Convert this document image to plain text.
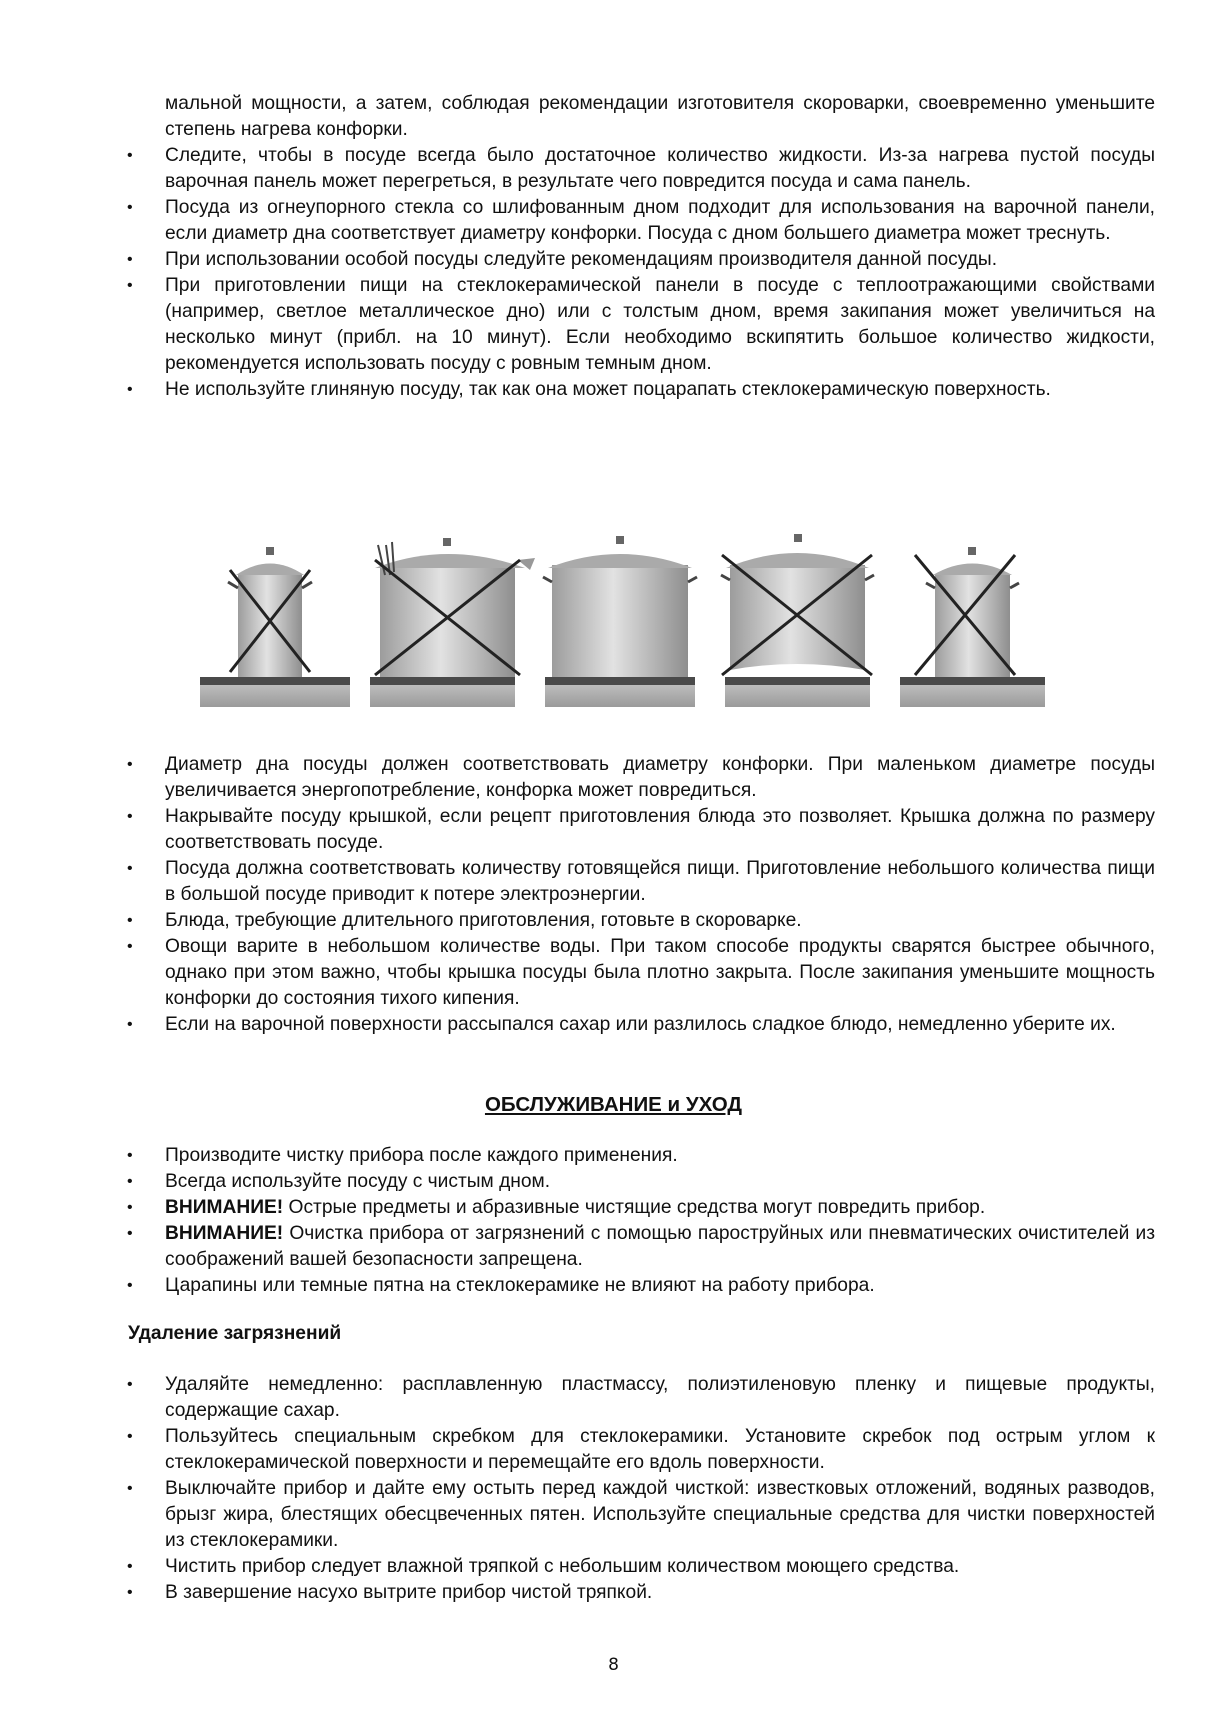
мальной мощности, а затем, соблюдая рекомендации изготовителя скороварки, своевременно уменьшите степень нагрева конфорки.

• Следите, чтобы в посуде всегда было достаточное количество жидкости. Из-за нагрева пустой посуды варочная панель может перегреться, в результате чего повредится посуда и сама панель.
• Посуда из огнеупорного стекла со шлифованным дном подходит для использования на варочной панели, если диаметр дна соответствует диаметру конфорки. Посуда с дном большего диаметра может треснуть.
• При использовании особой посуды следуйте рекомендациям производителя данной посуды.
• При приготовлении пищи на стеклокерамической панели в посуде с теплоотражающими свойствами (например, светлое металлическое дно) или с толстым дном, время закипания может увеличиться на несколько минут (прибл. на 10 минут). Если необходимо вскипятить большое количество жидкости, рекомендуется использовать посуду с ровным темным дном.
• Не используйте глиняную посуду, так как она может поцарапать стеклокерамическую поверхность.
• Диаметр дна посуды должен соответствовать диаметру конфорки. При маленьком диаметре посуды увеличивается энергопотребление, конфорка может повредиться.
• Накрывайте посуду крышкой, если рецепт приготовления блюда это позволяет. Крышка должна по размеру соответствовать посуде.
• Посуда должна соответствовать количеству готовящейся пищи. Приготовление небольшого количества пищи в большой посуде приводит к потере электроэнергии.
• Блюда, требующие длительного приготовления, готовьте в скороварке.
• Овощи варите в небольшом количестве воды. При таком способе продукты сварятся быстрее обычного, однако при этом важно, чтобы крышка посуды была плотно закрыта. После закипания уменьшите мощность конфорки до состояния тихого кипения.
• Если на варочной поверхности рассыпался сахар или разлилось сладкое блюдо, немедленно уберите их.

ОБСЛУЖИВАНИЕ и УХОД

• Производите чистку прибора после каждого применения.
• Всегда используйте посуду с чистым дном.
• ВНИМАНИЕ! Острые предметы и абразивные чистящие средства могут повредить прибор.
• ВНИМАНИЕ! Очистка прибора от загрязнений с помощью пароструйных или пневматических очистителей из соображений вашей безопасности запрещена.
• Царапины или темные пятна на стеклокерамике не влияют на работу прибора.

Удаление загрязнений

• Удаляйте немедленно: расплавленную пластмассу, полиэтиленовую пленку и пищевые продукты, содержащие сахар.
• Пользуйтесь специальным скребком для стеклокерамики. Установите скребок под острым углом к стеклокерамической поверхности и перемещайте его вдоль поверхности.
• Выключайте прибор и дайте ему остыть перед каждой чисткой: известковых отложений, водяных разводов, брызг жира, блестящих обесцвеченных пятен. Используйте специальные средства для чистки поверхностей из стеклокерамики.
• Чистить прибор следует влажной тряпкой с небольшим количеством моющего средства.
• В завершение насухо вытрите прибор чистой тряпкой.
8
